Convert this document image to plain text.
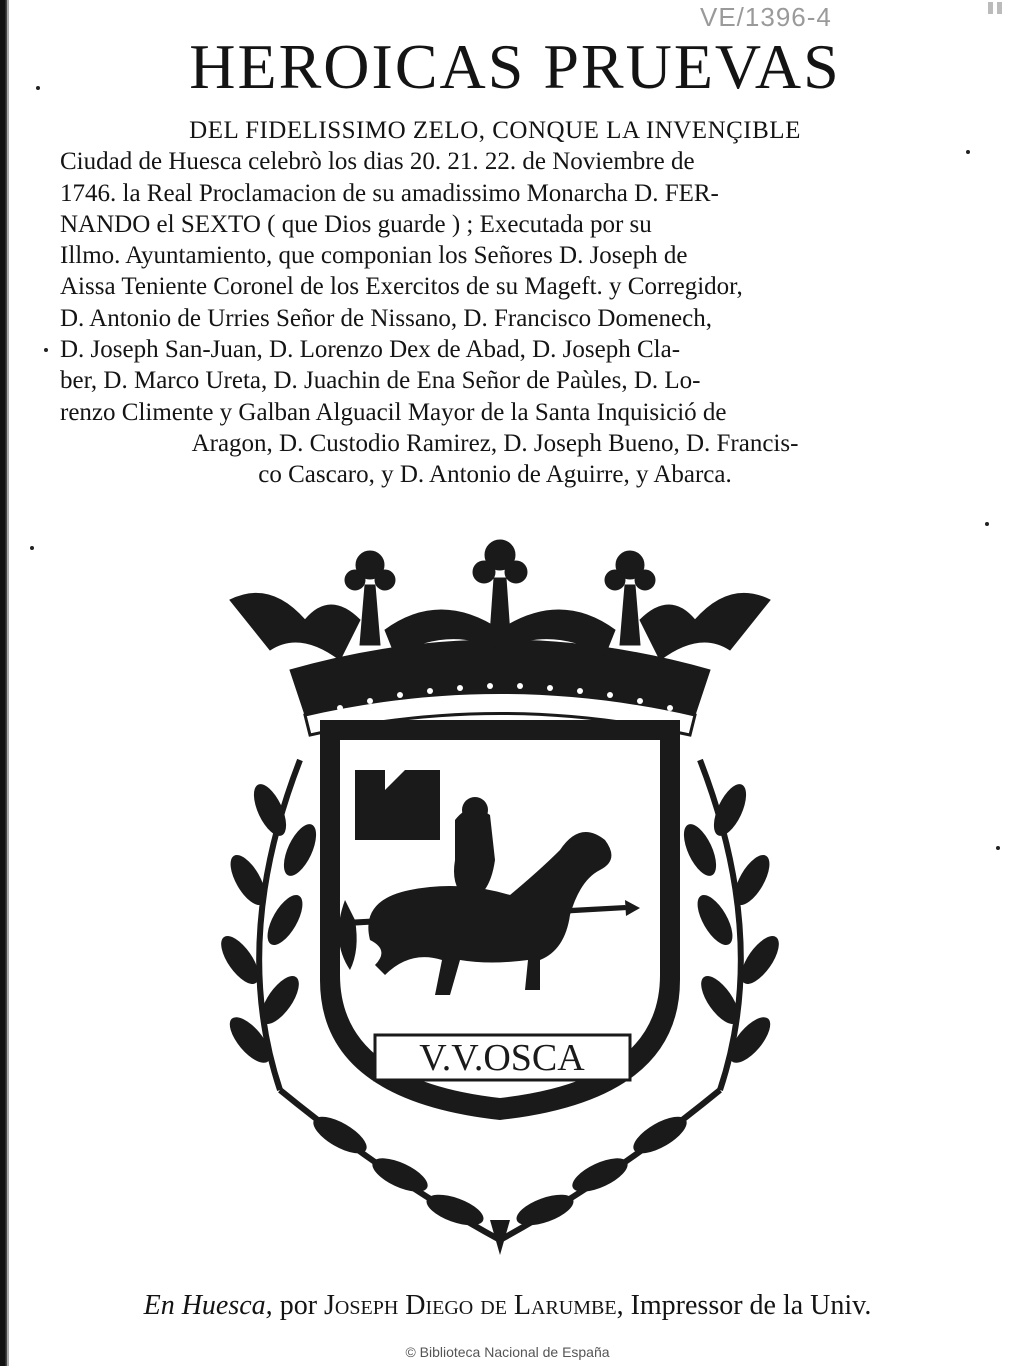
VE/1396-4
HEROICAS PRUEVAS
DEL FIDELISSIMO ZELO, CONQUE LA INVENÇIBLE
Ciudad de Huesca celebrò los dias 20. 21. 22. de Noviembre de
1746. la Real Proclamacion de su amadissimo Monarcha D. FER-
NANDO el SEXTO ( que Dios guarde ) ; Executada por su
Illmo. Ayuntamiento, que componian los Señores D. Joseph de
Aissa Teniente Coronel de los Exercitos de su Mageft. y Corregidor,
D. Antonio de Urries Señor de Nissano, D. Francisco Domenech,
D. Joseph San-Juan, D. Lorenzo Dex de Abad, D. Joseph Cla-
ber, D. Marco Ureta, D. Juachin de Ena Señor de Paùles, D. Lo-
renzo Climente y Galban Alguacil Mayor de la Santa Inquisició de
Aragon, D. Custodio Ramirez, D. Joseph Bueno, D. Francis-
co Cascaro, y D. Antonio de Aguirre, y Abarca.
V.V.OSCA

En Huesca, por Joseph Diego de Larumbe, Impressor de la Univ.

© Biblioteca Nacional de España
